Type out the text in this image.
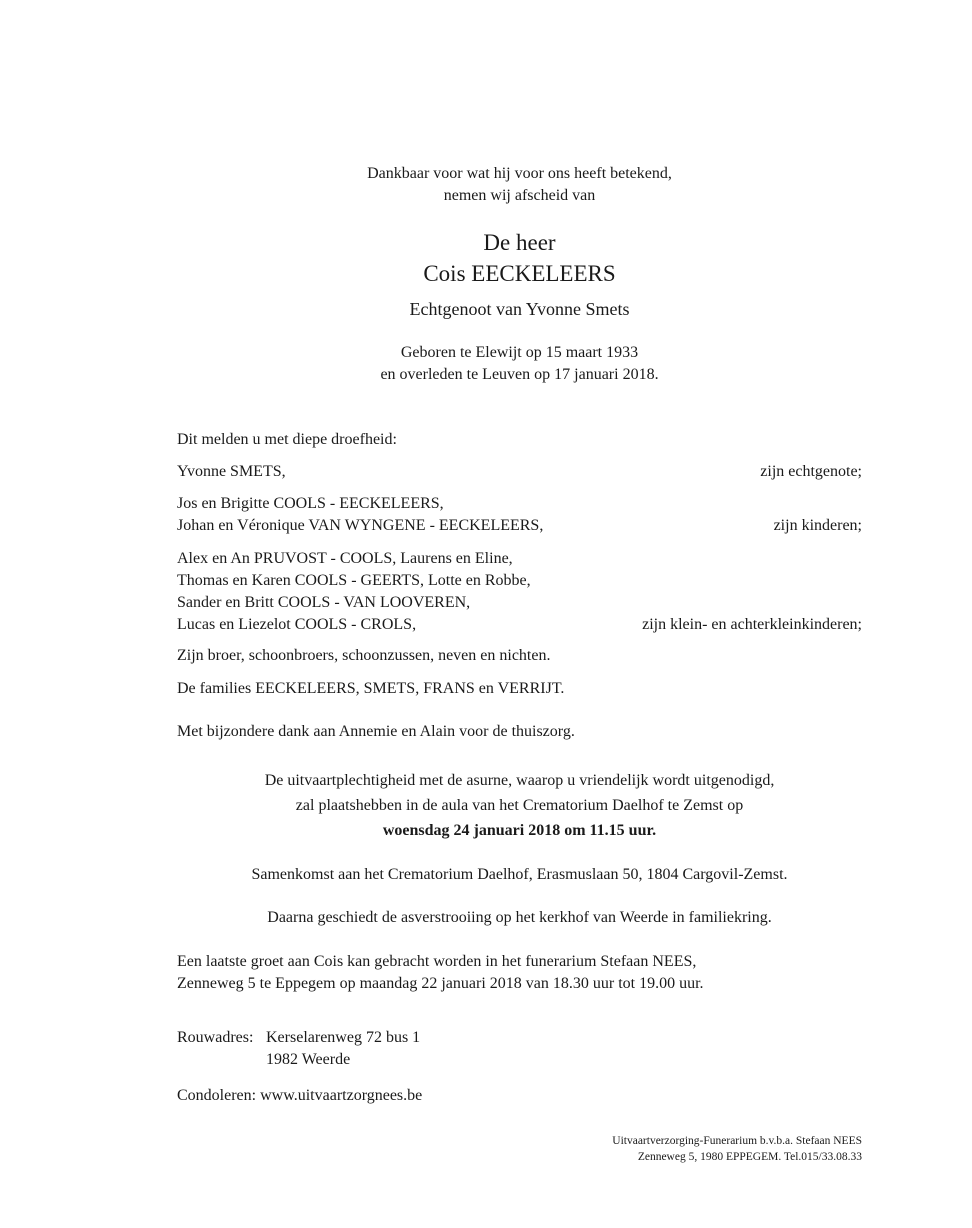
Dankbaar voor wat hij voor ons heeft betekend,
nemen wij afscheid van
De heer
Cois EECKELEERS
Echtgenoot van Yvonne Smets
Geboren te Elewijt op 15 maart 1933
en overleden te Leuven op 17 januari 2018.
Dit melden u met diepe droefheid:
Yvonne SMETS,	zijn echtgenote;
Jos en Brigitte COOLS - EECKELEERS,
Johan en Véronique VAN WYNGENE - EECKELEERS,	zijn kinderen;
Alex en An PRUVOST - COOLS, Laurens en Eline,
Thomas en Karen COOLS - GEERTS, Lotte en Robbe,
Sander en Britt COOLS - VAN LOOVEREN,
Lucas en Liezelot COOLS - CROLS,	zijn klein- en achterkleinkinderen;
Zijn broer, schoonbroers, schoonzussen, neven en nichten.
De families EECKELEERS, SMETS, FRANS en VERRIJT.
Met bijzondere dank aan Annemie en Alain voor de thuiszorg.
De uitvaartplechtigheid met de asurne, waarop u vriendelijk wordt uitgenodigd,
zal plaatshebben in de aula van het Crematorium Daelhof te Zemst op
woensdag 24 januari 2018 om 11.15 uur.
Samenkomst aan het Crematorium Daelhof, Erasmuslaan 50, 1804 Cargovil-Zemst.
Daarna geschiedt de asverstrooiing op het kerkhof van Weerde in familiekring.
Een laatste groet aan Cois kan gebracht worden in het funerarium Stefaan NEES,
Zenneweg 5 te Eppegem op maandag 22 januari 2018 van 18.30 uur tot 19.00 uur.
Rouwadres: Kerselarenweg 72 bus 1
1982 Weerde
Condoleren: www.uitvaartzorgnees.be
Uitvaartverzorging-Funerarium b.v.b.a. Stefaan NEES
Zenneweg 5, 1980 EPPEGEM. Tel.015/33.08.33
